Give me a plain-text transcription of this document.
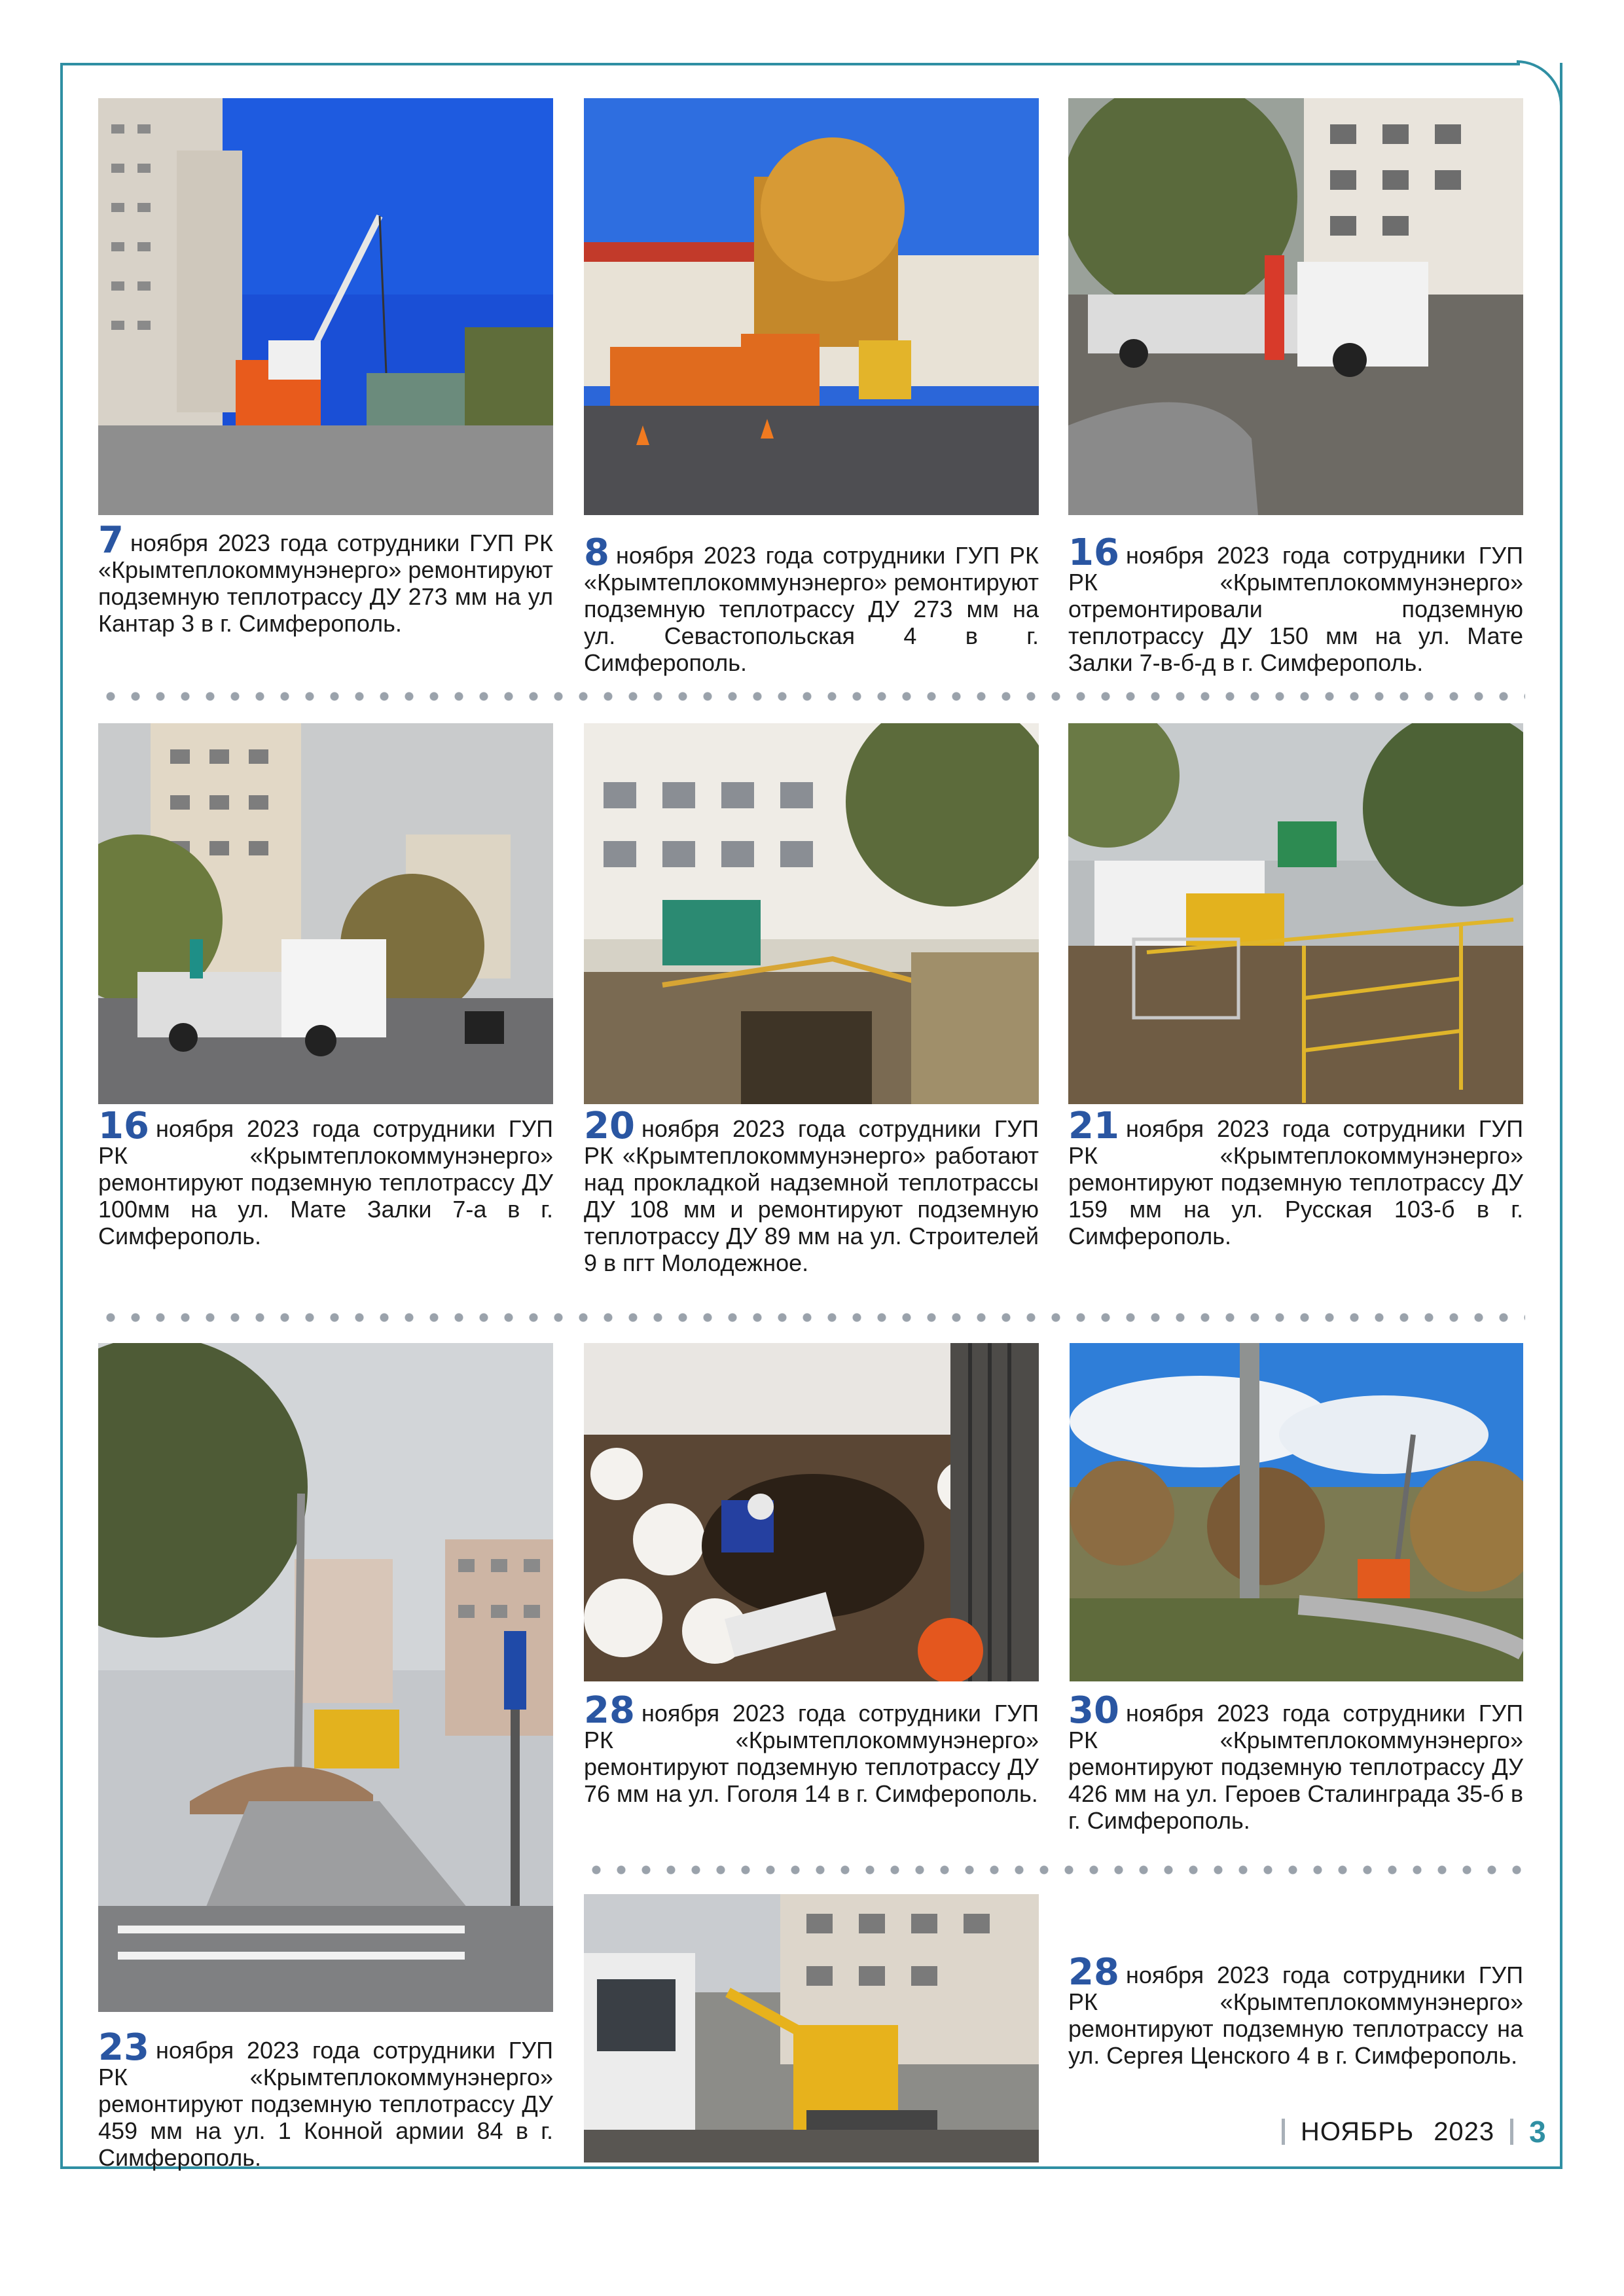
7 ноября 2023 года сотрудники ГУП РК «Крымтеплокоммунэнерго» ремонтируют подземную теплотрассу ДУ 273 мм на ул Кантар 3 в г. Симферополь.
8 ноября 2023 года сотрудники ГУП РК «Крымтеплокоммунэнерго» ремонтируют подземную теплотрассу ДУ 273 мм на ул. Севастопольская 4 в г. Симферополь.
16 ноября 2023 года сотрудники ГУП РК «Крымтеплокоммунэнерго» отремонтировали подземную теплотрассу ДУ 150 мм на ул. Мате Залки 7-в-б-д в г. Симферополь.
16 ноября 2023 года сотрудники ГУП РК «Крымтеплокоммунэнерго» ремонтируют подземную теплотрассу ДУ 100мм на ул. Мате Залки 7-а в г. Симферополь.
20 ноября 2023 года сотрудники ГУП РК «Крымтеплокоммунэнерго» работают над прокладкой надземной теплотрассы ДУ 108 мм и ремонтируют подземную теплотрассу ДУ 89 мм на ул. Строителей 9 в пгт Молодежное.
21 ноября 2023 года сотрудники ГУП РК «Крымтеплокоммунэнерго» ремонтируют подземную теплотрассу ДУ 159 мм на ул. Русская 103-б в г. Симферополь.
28 ноября 2023 года сотрудники ГУП РК «Крымтеплокоммунэнерго» ремонтируют подземную теплотрассу ДУ 76 мм на ул. Гоголя 14 в г. Симферополь.
30 ноября 2023 года сотрудники ГУП РК «Крымтеплокоммунэнерго» ремонтируют подземную теплотрассу ДУ 426 мм на ул. Героев Сталинграда 35-б в г. Симферополь.
28 ноября 2023 года сотрудники ГУП РК «Крымтеплокоммунэнерго» ремонтируют подземную теплотрассу на ул. Сергея Ценского 4 в г. Симферополь.
23 ноября 2023 года сотрудники ГУП РК «Крымтеплокоммунэнерго» ремонтируют подземную теплотрассу ДУ 459 мм на ул. 1 Конной армии 84 в г. Симферополь.
НОЯБРЬ 2023 3
